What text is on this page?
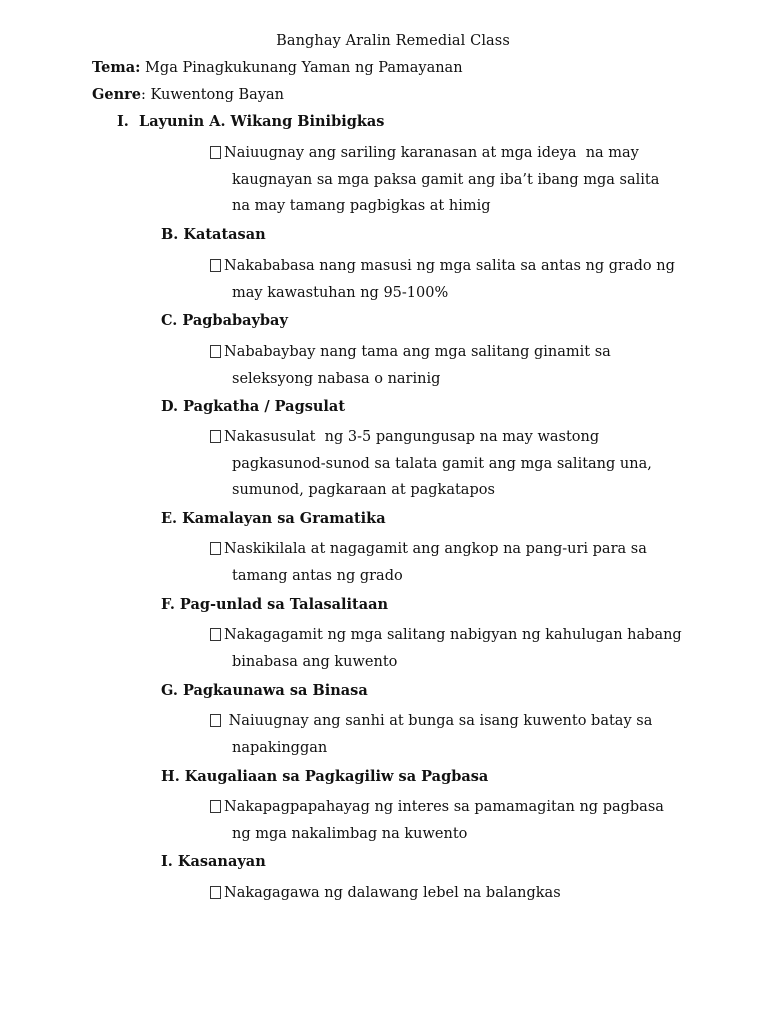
Banghay Aralin Remedial Class
Tema: Mga Pinagkukunang Yaman ng Pamayanan
Genre: Kuwentong Bayan
I. Layunin A. Wikang Binibigkas
Naiuugnay ang sariling karanasan at mga ideya  na may
kaugnayan sa mga paksa gamit ang iba’t ibang mga salita
na may tamang pagbigkas at himig
B. Katatasan
Nakababasa nang masusi ng mga salita sa antas ng grado ng
may kawastuhan ng 95-100%
C. Pagbabaybay
Nababaybay nang tama ang mga salitang ginamit sa
seleksyong nabasa o narinig
D. Pagkatha / Pagsulat
Nakasusulat  ng 3-5 pangungusap na may wastong
pagkasunod-sunod sa talata gamit ang mga salitang una,
sumunod, pagkaraan at pagkatapos
E. Kamalayan sa Gramatika
Naskikilala at nagagamit ang angkop na pang-uri para sa
tamang antas ng grado
F. Pag-unlad sa Talasalitaan
Nakagagamit ng mga salitang nabigyan ng kahulugan habang
binabasa ang kuwento
G. Pagkaunawa sa Binasa
Naiuugnay ang sanhi at bunga sa isang kuwento batay sa
napakinggan
H. Kaugaliaan sa Pagkagiliw sa Pagbasa
Nakapagpapahayag ng interes sa pamamagitan ng pagbasa
ng mga nakalimbag na kuwento
I. Kasanayan
Nakagagawa ng dalawang lebel na balangkas
